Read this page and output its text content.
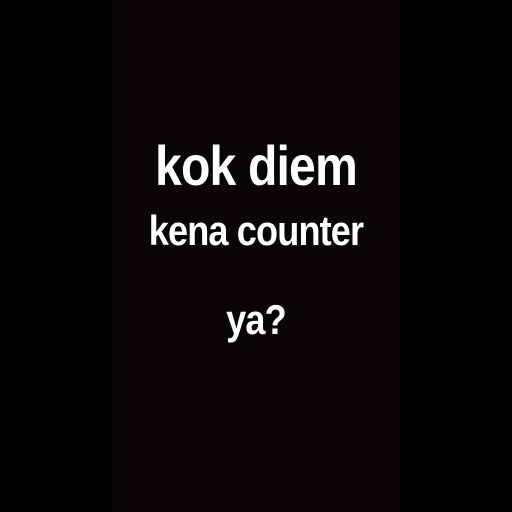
kok diem
kena counter
ya?
